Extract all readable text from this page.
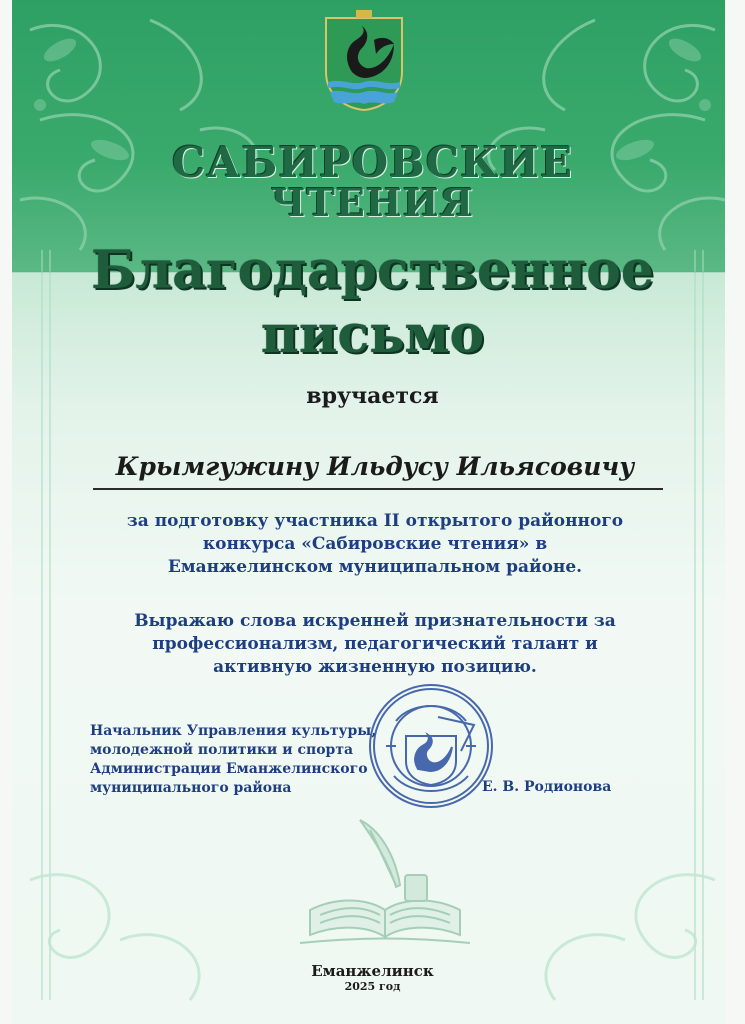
САБИРОВСКИЕ
ЧТЕНИЯ
Благодарственное
письмо
вручается
Крымгужину Ильдусу Ильясовичу
за подготовку участника II открытого районного
конкурса «Сабировские чтения» в
Еманжелинском муниципальном районе.
Выражаю слова искренней признательности за
профессионализм, педагогический талант и
активную жизненную позицию.
Начальник Управления культуры,
молодежной политики и спорта
Администрации Еманжелинского
муниципального района	Е. В. Родионова
Еманжелинск
2025 год
